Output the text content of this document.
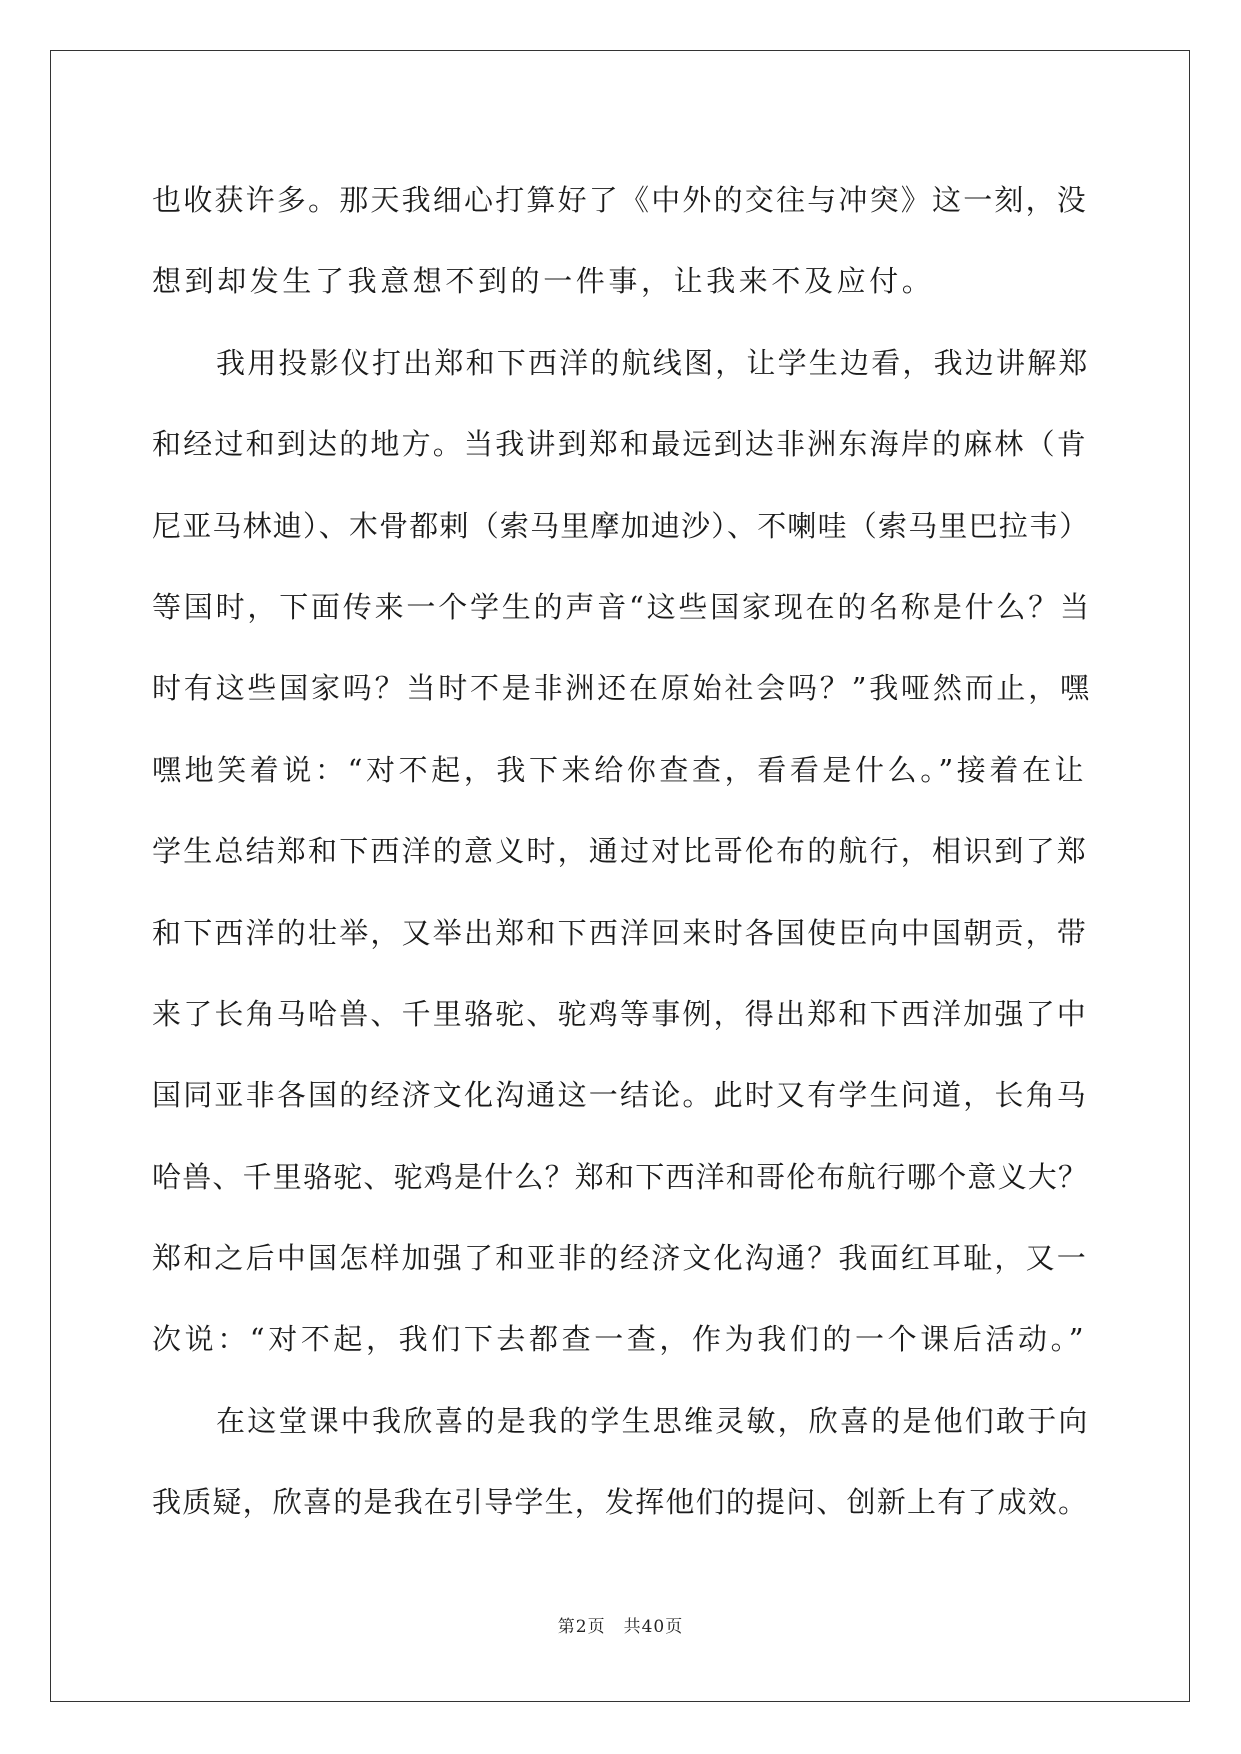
也收获许多。那天我细心打算好了《中外的交往与冲突》这一刻，没

想到却发生了我意想不到的一件事，让我来不及应付。

我用投影仪打出郑和下西洋的航线图，让学生边看，我边讲解郑

和经过和到达的地方。当我讲到郑和最远到达非洲东海岸的麻林（肯

尼亚马林迪）、木骨都剌（索马里摩加迪沙）、不喇哇（索马里巴拉韦）

等国时，下面传来一个学生的声音“这些国家现在的名称是什么？当

时有这些国家吗？当时不是非洲还在原始社会吗？”我哑然而止，嘿

嘿地笑着说：“对不起，我下来给你查查，看看是什么。”接着在让

学生总结郑和下西洋的意义时，通过对比哥伦布的航行，相识到了郑

和下西洋的壮举，又举出郑和下西洋回来时各国使臣向中国朝贡，带

来了长角马哈兽、千里骆驼、驼鸡等事例，得出郑和下西洋加强了中

国同亚非各国的经济文化沟通这一结论。此时又有学生问道，长角马

哈兽、千里骆驼、驼鸡是什么？郑和下西洋和哥伦布航行哪个意义大？

郑和之后中国怎样加强了和亚非的经济文化沟通？我面红耳耻，又一

次说：“对不起，我们下去都查一查，作为我们的一个课后活动。”

在这堂课中我欣喜的是我的学生思维灵敏，欣喜的是他们敢于向

我质疑，欣喜的是我在引导学生，发挥他们的提问、创新上有了成效。

第2页 共40页
